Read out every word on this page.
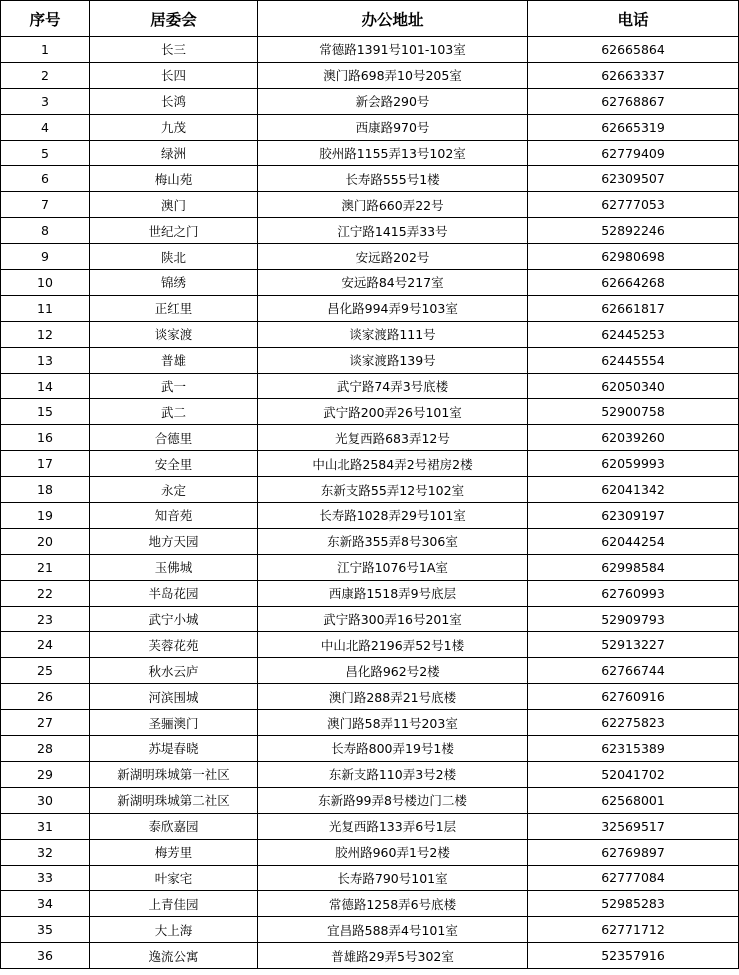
序号	居委会	办公地址	电话
1	长三	常德路1391号101-103室	62665864
2	长四	澳门路698弄10号205室	62663337
3	长鸿	新会路290号	62768867
4	九茂	西康路970号	62665319
5	绿洲	胶州路1155弄13号102室	62779409
6	梅山苑	长寿路555号1楼	62309507
7	澳门	澳门路660弄22号	62777053
8	世纪之门	江宁路1415弄33号	52892246
9	陕北	安远路202号	62980698
10	锦绣	安远路84号217室	62664268
11	正红里	昌化路994弄9号103室	62661817
12	谈家渡	谈家渡路111号	62445253
13	普雄	谈家渡路139号	62445554
14	武一	武宁路74弄3号底楼	62050340
15	武二	武宁路200弄26号101室	52900758
16	合德里	光复西路683弄12号	62039260
17	安全里	中山北路2584弄2号裙房2楼	62059993
18	永定	东新支路55弄12号102室	62041342
19	知音苑	长寿路1028弄29号101室	62309197
20	地方天园	东新路355弄8号306室	62044254
21	玉佛城	江宁路1076号1A室	62998584
22	半岛花园	西康路1518弄9号底层	62760993
23	武宁小城	武宁路300弄16号201室	52909793
24	芙蓉花苑	中山北路2196弄52号1楼	52913227
25	秋水云庐	昌化路962号2楼	62766744
26	河滨围城	澳门路288弄21号底楼	62760916
27	圣骊澳门	澳门路58弄11号203室	62275823
28	苏堤春晓	长寿路800弄19号1楼	62315389
29	新湖明珠城第一社区	东新支路110弄3号2楼	52041702
30	新湖明珠城第二社区	东新路99弄8号楼边门二楼	62568001
31	泰欣嘉园	光复西路133弄6号1层	32569517
32	梅芳里	胶州路960弄1号2楼	62769897
33	叶家宅	长寿路790号101室	62777084
34	上青佳园	常德路1258弄6号底楼	52985283
35	大上海	宜昌路588弄4号101室	62771712
36	逸流公寓	普雄路29弄5号302室	52357916
